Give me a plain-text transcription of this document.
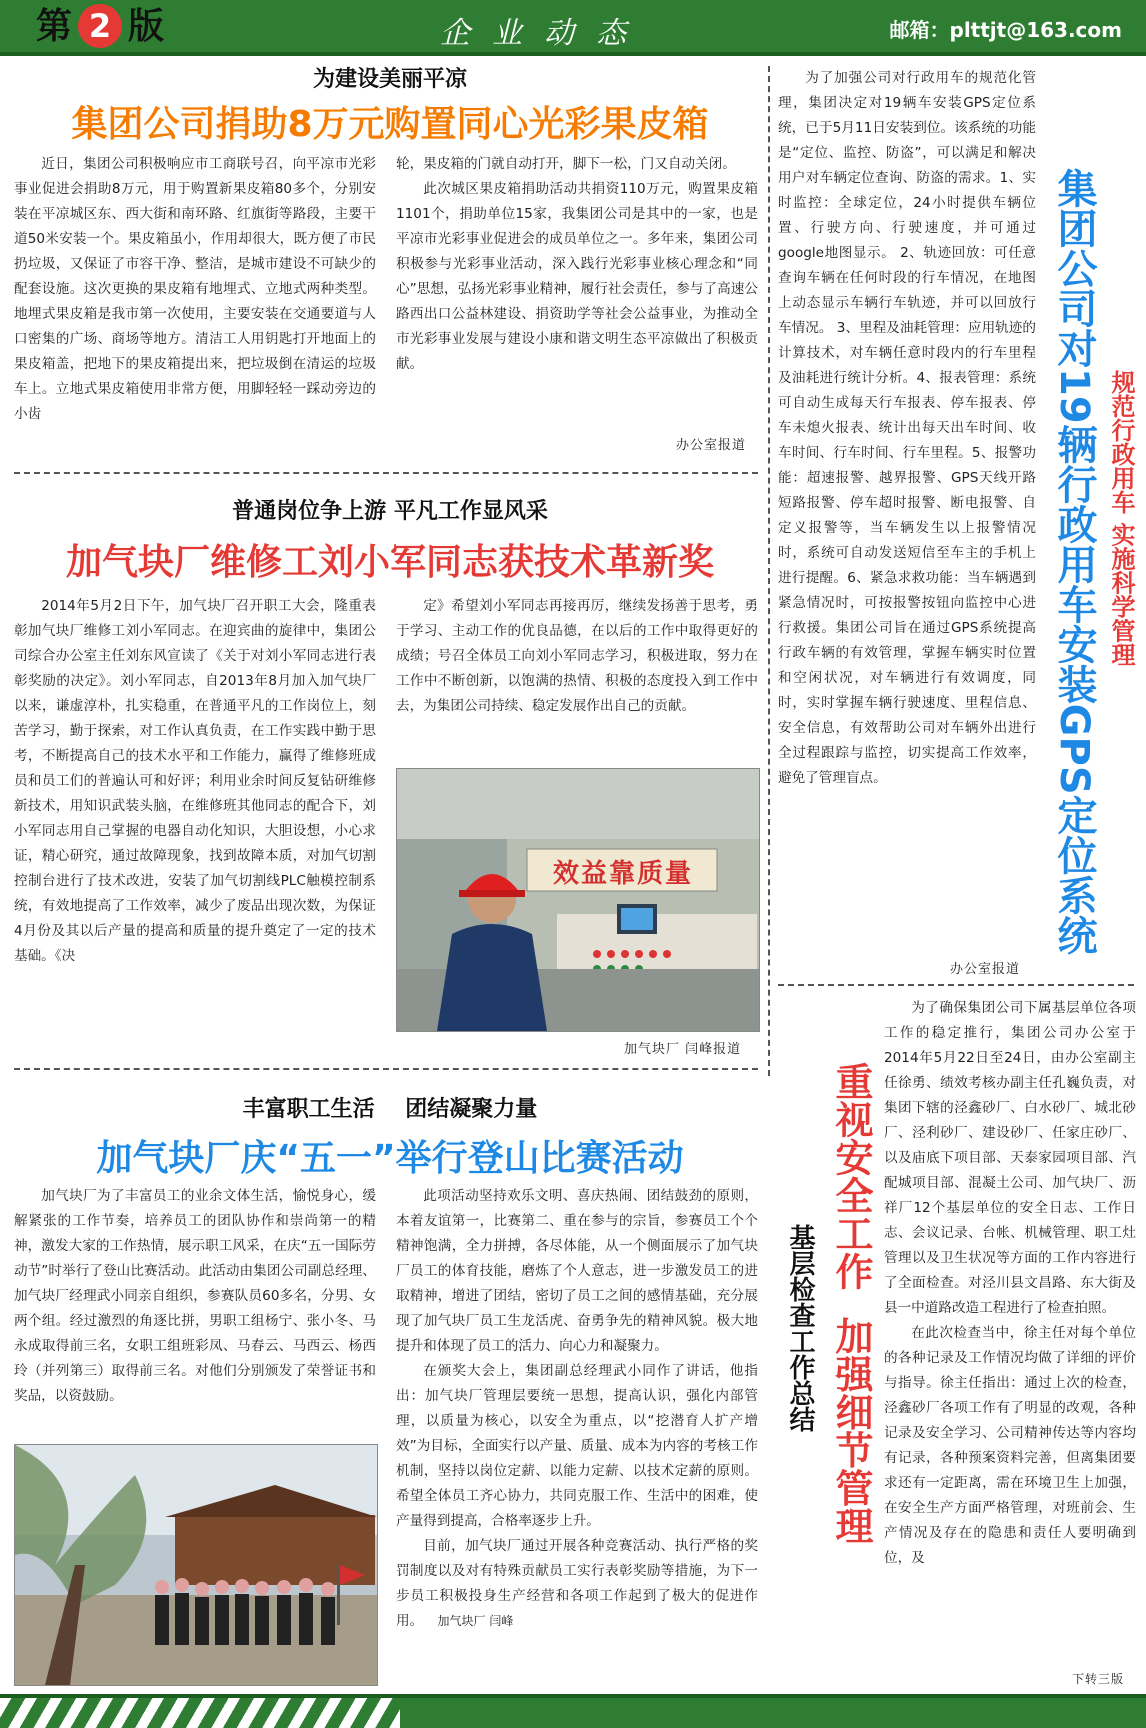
第 2 版	企业动态	邮箱：plttjt@163.com
为建设美丽平凉
集团公司捐助8万元购置同心光彩果皮箱
近日，集团公司积极响应市工商联号召，向平凉市光彩事业促进会捐助8万元，用于购置新果皮箱80多个，分别安装在平凉城区东、西大街和南环路、红旗街等路段，主要干道50米安装一个。果皮箱虽小，作用却很大，既方便了市民扔垃圾，又保证了市容干净、整洁，是城市建设不可缺少的配套设施。这次更换的果皮箱有地埋式、立地式两种类型。地埋式果皮箱是我市第一次使用，主要安装在交通要道与人口密集的广场、商场等地方。清洁工人用钥匙打开地面上的果皮箱盖，把地下的果皮箱提出来，把垃圾倒在清运的垃圾车上。立地式果皮箱使用非常方便，用脚轻轻一踩动旁边的小齿

轮，果皮箱的门就自动打开，脚下一松，门又自动关闭。

此次城区果皮箱捐助活动共捐资110万元，购置果皮箱1101个，捐助单位15家，我集团公司是其中的一家，也是平凉市光彩事业促进会的成员单位之一。多年来，集团公司积极参与光彩事业活动，深入践行光彩事业核心理念和“同心”思想，弘扬光彩事业精神，履行社会责任，参与了高速公路西出口公益林建设、捐资助学等社会公益事业，为推动全市光彩事业发展与建设小康和谐文明生态平凉做出了积极贡献。

办公室报道
普通岗位争上游 平凡工作显风采
加气块厂维修工刘小军同志获技术革新奖
2014年5月2日下午，加气块厂召开职工大会，隆重表彰加气块厂维修工刘小军同志。在迎宾曲的旋律中，集团公司综合办公室主任刘东风宣读了《关于对刘小军同志进行表彰奖励的决定》。刘小军同志，自2013年8月加入加气块厂以来，谦虚淳朴，扎实稳重，在普通平凡的工作岗位上，刻苦学习，勤于探索，对工作认真负责，在工作实践中勤于思考，不断提高自己的技术水平和工作能力，赢得了维修班成员和员工们的普遍认可和好评；利用业余时间反复钻研维修新技术，用知识武装头脑，在维修班其他同志的配合下，刘小军同志用自己掌握的电器自动化知识，大胆设想，小心求证，精心研究，通过故障现象，找到故障本质，对加气切割控制台进行了技术改进，安装了加气切割线PLC触模控制系统，有效地提高了工作效率，减少了废品出现次数，为保证4月份及其以后产量的提高和质量的提升奠定了一定的技术基础。《决
定》希望刘小军同志再接再厉，继续发扬善于思考，勇于学习、主动工作的优良品德，在以后的工作中取得更好的成绩；号召全体员工向刘小军同志学习，积极进取，努力在工作中不断创新，以饱满的热情、积极的态度投入到工作中去，为集团公司持续、稳定发展作出自己的贡献。
效益靠质量
加气块厂 闫峰报道
丰富职工生活    团结凝聚力量
加气块厂庆“五一”举行登山比赛活动
加气块厂为了丰富员工的业余文体生活，愉悦身心，缓解紧张的工作节奏，培养员工的团队协作和崇尚第一的精神，激发大家的工作热情，展示职工风采，在庆“五一国际劳动节”时举行了登山比赛活动。此活动由集团公司副总经理、加气块厂经理武小同亲自组织，参赛队员60多名，分男、女两个组。经过激烈的角逐比拼，男职工组杨宁、张小冬、马永成取得前三名，女职工组班彩凤、马春云、马西云、杨西玲（并列第三）取得前三名。对他们分别颁发了荣誉证书和奖品，以资鼓励。

此项活动坚持欢乐文明、喜庆热闹、团结鼓劲的原则，本着友谊第一，比赛第二、重在参与的宗旨，参赛员工个个精神饱满，全力拼搏，各尽体能，从一个侧面展示了加气块厂员工的体育技能，磨炼了个人意志，进一步激发员工的进取精神，增进了团结，密切了员工之间的感情基础，充分展现了加气块厂员工生龙活虎、奋勇争先的精神风貌。极大地提升和体现了员工的活力、向心力和凝聚力。

在颁奖大会上，集团副总经理武小同作了讲话，他指出：加气块厂管理层要统一思想，提高认识，强化内部管理，以质量为核心，以安全为重点，以“挖潜育人扩产增效”为目标，全面实行以产量、质量、成本为内容的考核工作机制，坚持以岗位定薪、以能力定薪、以技术定薪的原则。希望全体员工齐心协力，共同克服工作、生活中的困难，使产量得到提高，合格率逐步上升。

目前，加气块厂通过开展各种竞赛活动、执行严格的奖罚制度以及对有特殊贡献员工实行表彰奖励等措施，为下一步员工积极投身生产经营和各项工作起到了极大的促进作用。 加气块厂 闫峰

为了加强公司对行政用车的规范化管理，集团决定对19辆车安装GPS定位系统，已于5月11日安装到位。该系统的功能是“定位、监控、防盗”，可以满足和解决用户对车辆定位查询、防盗的需求。1、实时监控：全球定位，24小时提供车辆位置、行驶方向、行驶速度，并可通过google地图显示。 2、轨迹回放：可任意查询车辆在任何时段的行车情况，在地图上动态显示车辆行车轨迹，并可以回放行车情况。 3、里程及油耗管理：应用轨迹的计算技术，对车辆任意时段内的行车里程及油耗进行统计分析。4、报表管理：系统可自动生成每天行车报表、停车报表、停车未熄火报表、统计出每天出车时间、收车时间、行车时间、行车里程。5、报警功能：超速报警、越界报警、GPS天线开路短路报警、停车超时报警、断电报警、自定义报警等，当车辆发生以上报警情况时，系统可自动发送短信至车主的手机上进行提醒。6、紧急求救功能：当车辆遇到紧急情况时，可按报警按钮向监控中心进行救援。集团公司旨在通过GPS系统提高行政车辆的有效管理，掌握车辆实时位置和空闲状况，对车辆进行有效调度，同时，实时掌握车辆行驶速度、里程信息、安全信息，有效帮助公司对车辆外出进行全过程跟踪与监控，切实提高工作效率，避免了管理盲点。
办公室报道
集团公司对19辆行政用车安装GPS定位系统 规范行政用车 实施科学管理
重视安全工作  加强细节管理
基层检查工作总结

为了确保集团公司下属基层单位各项工作的稳定推行，集团公司办公室于2014年5月22日至24日，由办公室副主任徐勇、绩效考核办副主任孔巍负责，对集团下辖的泾鑫砂厂、白水砂厂、城北砂厂、泾利砂厂、建设砂厂、任家庄砂厂、以及庙底下项目部、天泰家园项目部、汽配城项目部、混凝土公司、加气块厂、沥祥厂12个基层单位的安全日志、工作日志、会议记录、台帐、机械管理、职工灶管理以及卫生状况等方面的工作内容进行了全面检查。对泾川县文昌路、东大街及县一中道路改造工程进行了检查拍照。

在此次检查当中，徐主任对每个单位的各种记录及工作情况均做了详细的评价与指导。徐主任指出：通过上次的检查，泾鑫砂厂各项工作有了明显的改观，各种记录及安全学习、公司精神传达等内容均有记录，各种预案资料完善，但离集团要求还有一定距离，需在环境卫生上加强，在安全生产方面严格管理，对班前会、生产情况及存在的隐患和责任人要明确到位，及

下转三版
